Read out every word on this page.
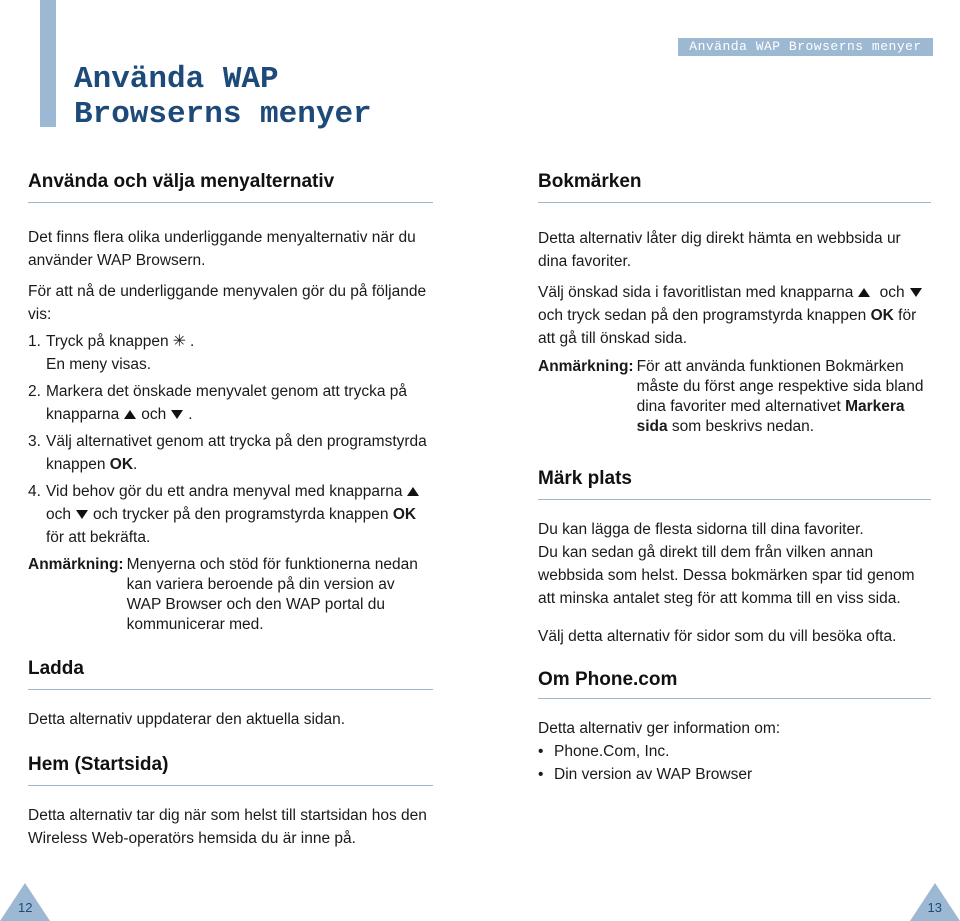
Använda WAP Browserns menyer
Använda WAP
Browserns menyer
Använda och välja menyalternativ

Det finns flera olika underliggande menyalternativ när du använder WAP Browsern.

För att nå de underliggande menyvalen gör du på följande vis:

1. Tryck på knappen ✳ .
En meny visas.
2. Markera det önskade menyvalet genom att trycka på knapparna och .
3. Välj alternativet genom att trycka på den programstyrda knappen OK.
4. Vid behov gör du ett andra menyval med knapparna och och trycker på den programstyrda knappen OK för att bekräfta.
Anmärkning: Menyerna och stöd för funktionerna nedan kan variera beroende på din version av WAP Browser och den WAP portal du kommunicerar med.
Ladda

Detta alternativ uppdaterar den aktuella sidan.

Hem (Startsida)

Detta alternativ tar dig när som helst till startsidan hos den Wireless Web-operatörs hemsida du är inne på.

Bokmärken

Detta alternativ låter dig direkt hämta en webbsida ur dina favoriter.

Välj önskad sida i favoritlistan med knapparna ochoch tryck sedan på den programstyrda knappen OK för att gå till önskad sida.

Anmärkning: För att använda funktionen Bokmärken måste du först ange respektive sida bland dina favoriter med alternativet Markera sida som beskrivs nedan.
Märk plats

Du kan lägga de flesta sidorna till dina favoriter.

Du kan sedan gå direkt till dem från vilken annan webbsida som helst. Dessa bokmärken spar tid genom att minska antalet steg för att komma till en viss sida.

Välj detta alternativ för sidor som du vill besöka ofta.

Om Phone.com

Detta alternativ ger information om:

• Phone.Com, Inc.
• Din version av WAP Browser
12	13
